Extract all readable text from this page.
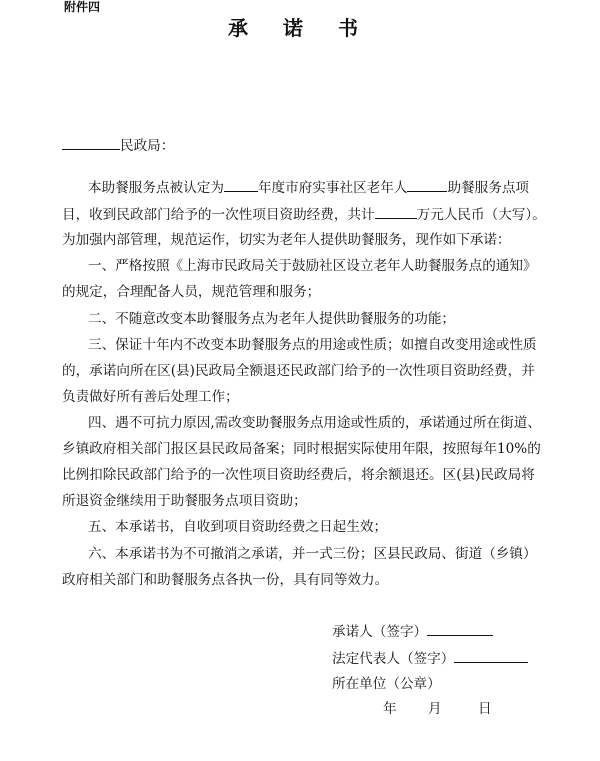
附件四
承 诺 书
民政局：
本助餐服务点被认定为	年度市府实事社区老年人	助餐服务点项
目，收到民政部门给予的一次性项目资助经费，共计	万元人民币（大写）。
为加强内部管理，规范运作，切实为老年人提供助餐服务，现作如下承诺：
一、严格按照《上海市民政局关于鼓励社区设立老年人助餐服务点的通知》
的规定，合理配备人员，规范管理和服务；
二、不随意改变本助餐服务点为老年人提供助餐服务的功能；
三、保证十年内不改变本助餐服务点的用途或性质；如擅自改变用途或性质
的，承诺向所在区(县)民政局全额退还民政部门给予的一次性项目资助经费，并
负责做好所有善后处理工作；
四、遇不可抗力原因,需改变助餐服务点用途或性质的，承诺通过所在街道、
乡镇政府相关部门报区县民政局备案；同时根据实际使用年限，按照每年10%的
比例扣除民政部门给予的一次性项目资助经费后，将余额退还。区(县)民政局将
所退资金继续用于助餐服务点项目资助；
五、本承诺书，自收到项目资助经费之日起生效；
六、本承诺书为不可撤消之承诺，并一式三份；区县民政局、街道（乡镇）
政府相关部门和助餐服务点各执一份，具有同等效力。
承诺人（签字）
法定代表人（签字）
所在单位（公章）
年 月	日
